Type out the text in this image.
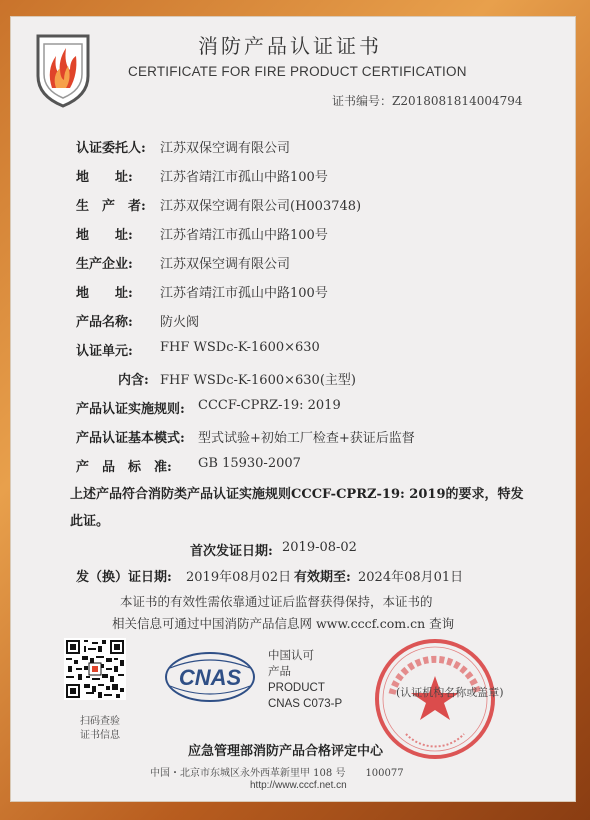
消防产品认证证书
CERTIFICATE FOR FIRE PRODUCT CERTIFICATION
证书编号：Z2018081814004794
认证委托人: 江苏双保空调有限公司
地　　址: 江苏省靖江市孤山中路100号
生　产　者: 江苏双保空调有限公司(H003748)
地　　址: 江苏省靖江市孤山中路100号
生产企业: 江苏双保空调有限公司
地　　址: 江苏省靖江市孤山中路100号
产品名称: 防火阀
认证单元: FHF WSDc-K-1600×630
内含: FHF WSDc-K-1600×630(主型)
产品认证实施规则: CCCF-CPRZ-19: 2019
产品认证基本模式: 型式试验+初始工厂检查+获证后监督
产　品　标　准: GB 15930-2007
上述产品符合消防类产品认证实施规则CCCF-CPRZ-19: 2019的要求，特发
此证。
首次发证日期: 2019-08-02
发（换）证日期: 2019年08月02日 有效期至: 2024年08月01日
本证书的有效性需依靠通过证后监督获得保持，本证书的
相关信息可通过中国消防产品信息网 www.cccf.com.cn 查询
扫码查验
证书信息
CNAS
中国认可
产品
PRODUCT
CNAS C073-P
(认证机构名称或盖章)
应急管理部消防产品合格评定中心
中国・北京市东城区永外西革新里甲 108 号　　100077
http://www.cccf.net.cn
